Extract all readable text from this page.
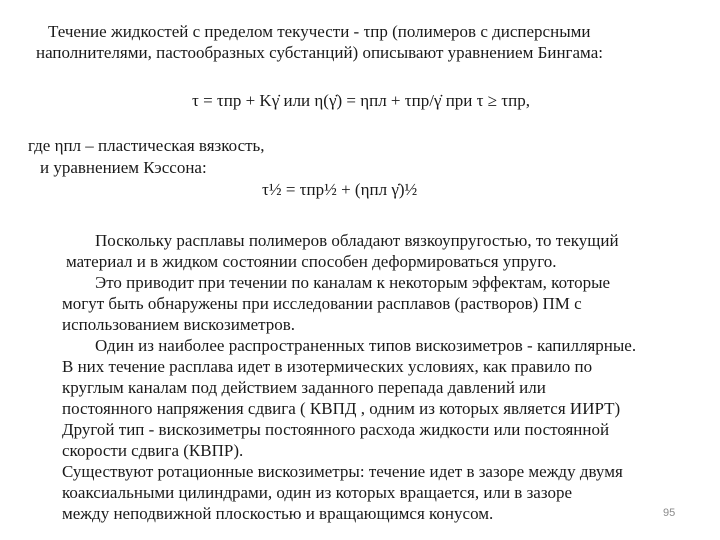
Течение жидкостей с пределом текучести - τпр (полимеров с дисперсными
наполнителями, пастообразных субстанций) описывают уравнением Бингама:
τ = τпр + Kγ̇ или η(γ̇) = ηпл + τпр/γ̇ при τ ≥ τпр,
где ηпл – пластическая вязкость,
и уравнением Кэссона:
τ½ = τпр½ + (ηпл γ̇)½
Поскольку расплавы полимеров обладают вязкоупругостью, то текущий
материал и в жидком состоянии способен деформироваться упруго.
Это приводит при течении по каналам к некоторым эффектам, которые
могут быть обнаружены при исследовании расплавов (растворов) ПМ с
использованием вискозиметров.
Один из наиболее распространенных типов вискозиметров - капиллярные.
В них течение расплава идет в изотермических условиях, как правило по
круглым каналам под действием заданного перепада давлений или
постоянного напряжения сдвига ( КВПД , одним из которых является ИИРТ)
Другой тип - вискозиметры постоянного расхода жидкости или постоянной
скорости сдвига (КВПР).
Существуют ротационные вискозиметры: течение идет в зазоре между двумя
коаксиальными цилиндрами, один из которых вращается, или в зазоре
между неподвижной плоскостью и вращающимся конусом.	95
